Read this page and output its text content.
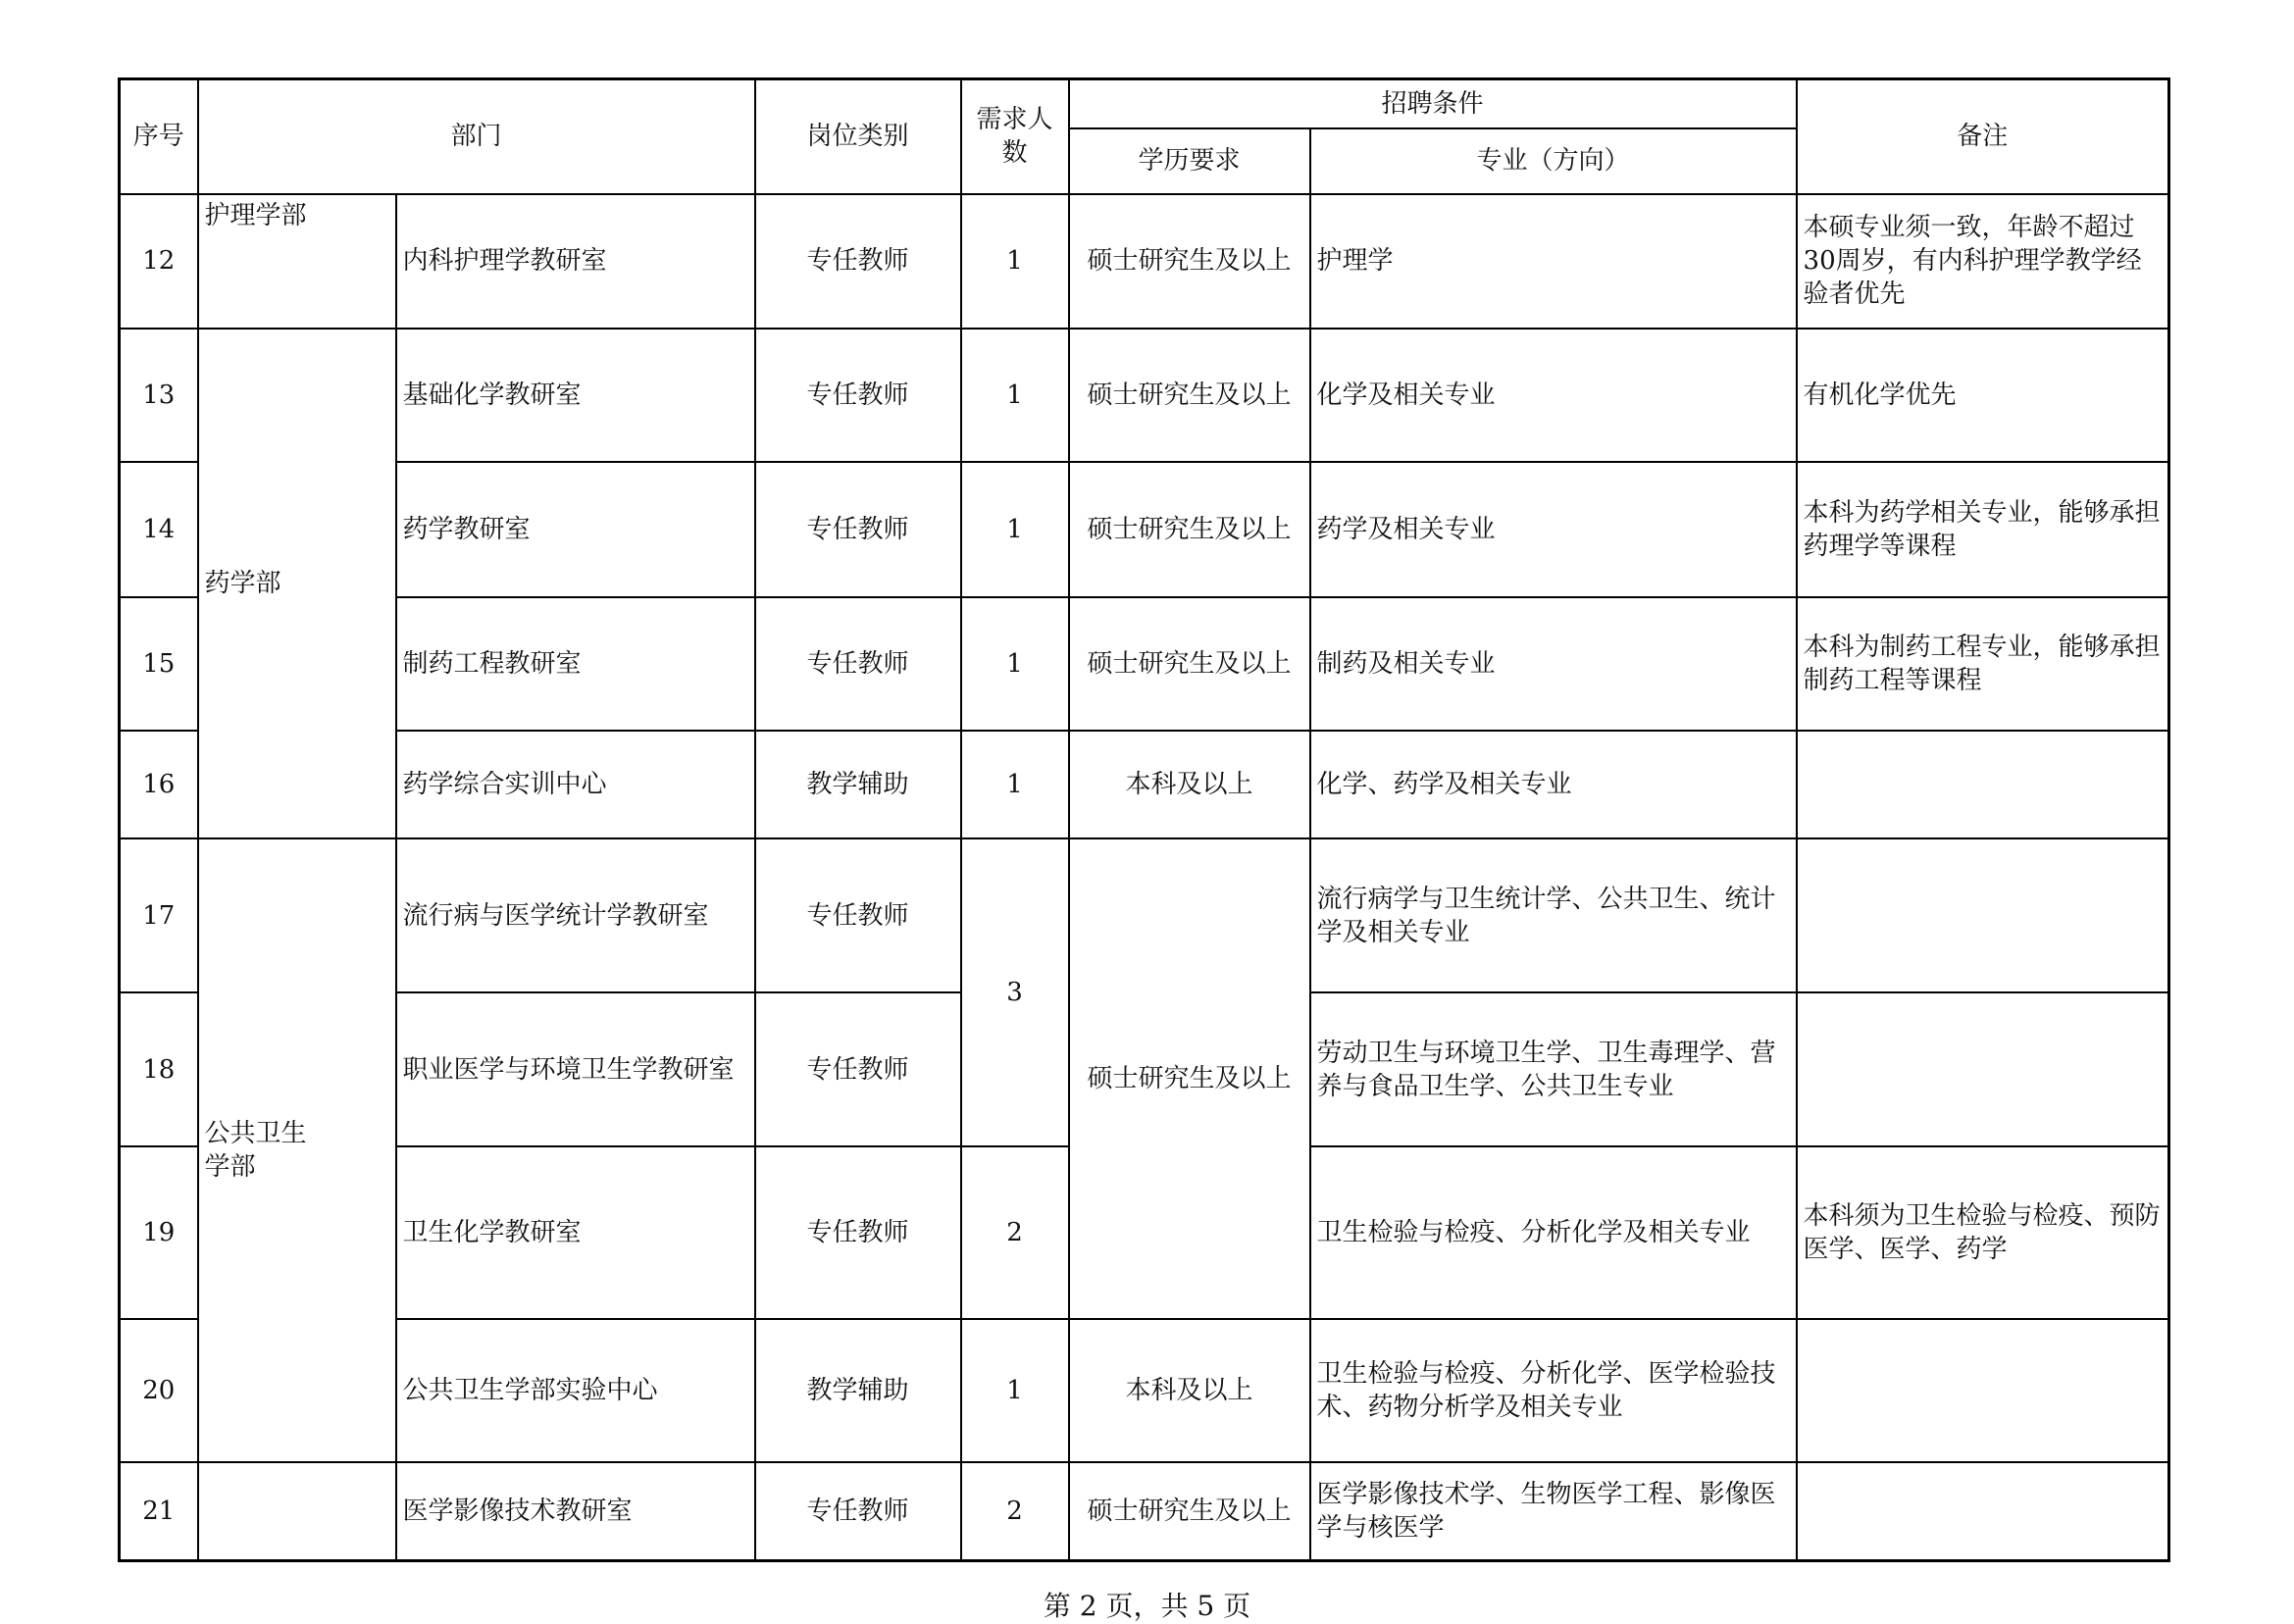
序号	部门		岗位类别	需求人数	招聘条件		备注
					学历要求	专业（方向）	
12	护理学部	内科护理学教研室	专任教师	1	硕士研究生及以上	护理学	本硕专业须一致，年龄不超过30周岁，有内科护理学教学经验者优先
13	药学部	基础化学教研室	专任教师	1	硕士研究生及以上	化学及相关专业	有机化学优先
14		药学教研室	专任教师	1	硕士研究生及以上	药学及相关专业	本科为药学相关专业，能够承担药理学等课程
15		制药工程教研室	专任教师	1	硕士研究生及以上	制药及相关专业	本科为制药工程专业，能够承担制药工程等课程
16		药学综合实训中心	教学辅助	1	本科及以上	化学、药学及相关专业	
17	公共卫生学部	流行病与医学统计学教研室	专任教师	3	硕士研究生及以上	流行病学与卫生统计学、公共卫生、统计学及相关专业	
18		职业医学与环境卫生学教研室	专任教师			劳动卫生与环境卫生学、卫生毒理学、营养与食品卫生学、公共卫生专业	
19		卫生化学教研室	专任教师	2		卫生检验与检疫、分析化学及相关专业	本科须为卫生检验与检疫、预防医学、医学、药学
20		公共卫生学部实验中心	教学辅助	1	本科及以上	卫生检验与检疫、分析化学、医学检验技术、药物分析学及相关专业	
21		医学影像技术教研室	专任教师	2	硕士研究生及以上	医学影像技术学、生物医学工程、影像医学与核医学	
第 2 页，共 5 页
